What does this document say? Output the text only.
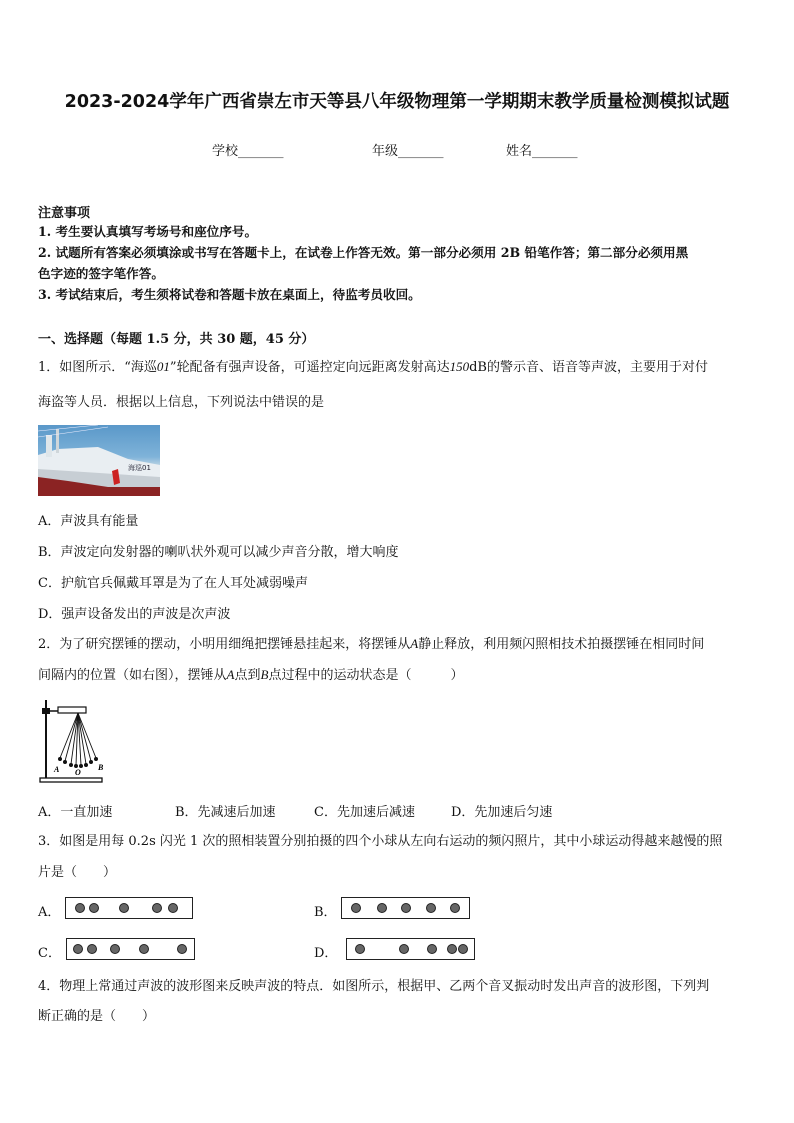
2023-2024学年广西省崇左市天等县八年级物理第一学期期末教学质量检测模拟试题
学校_______	年级_______	姓名_______
注意事项
1. 考生要认真填写考场号和座位序号。
2. 试题所有答案必须填涂或书写在答题卡上，在试卷上作答无效。第一部分必须用 2B 铅笔作答；第二部分必须用黑
色字迹的签字笔作答。
3. 考试结束后，考生须将试卷和答题卡放在桌面上，待监考员收回。
一、选择题（每题 1.5 分，共 30 题，45 分）
1．如图所示．“海巡01”轮配备有强声设备，可遥控定向远距离发射高达150dB的警示音、语音等声波，主要用于对付
海盗等人员．根据以上信息，下列说法中错误的是
海巡01
A．声波具有能量
B．声波定向发射器的喇叭状外观可以减少声音分散，增大响度
C．护航官兵佩戴耳罩是为了在人耳处减弱噪声
D．强声设备发出的声波是次声波
2．为了研究摆锤的摆动，小明用细绳把摆锤悬挂起来，将摆锤从A静止释放，利用频闪照相技术拍摄摆锤在相同时间
间隔内的位置（如右图），摆锤从A点到B点过程中的运动状态是（　　　）
A O
B
A．一直加速	B．先减速后加速	C．先加速后减速	D．先加速后匀速
3．如图是用每 0.2s 闪光 1 次的照相装置分别拍摄的四个小球从左向右运动的频闪照片，其中小球运动得越来越慢的照
片是（　　）
A．	B．
C．	D．
4．物理上常通过声波的波形图来反映声波的特点．如图所示，根据甲、乙两个音叉振动时发出声音的波形图，下列判
断正确的是（　　）
